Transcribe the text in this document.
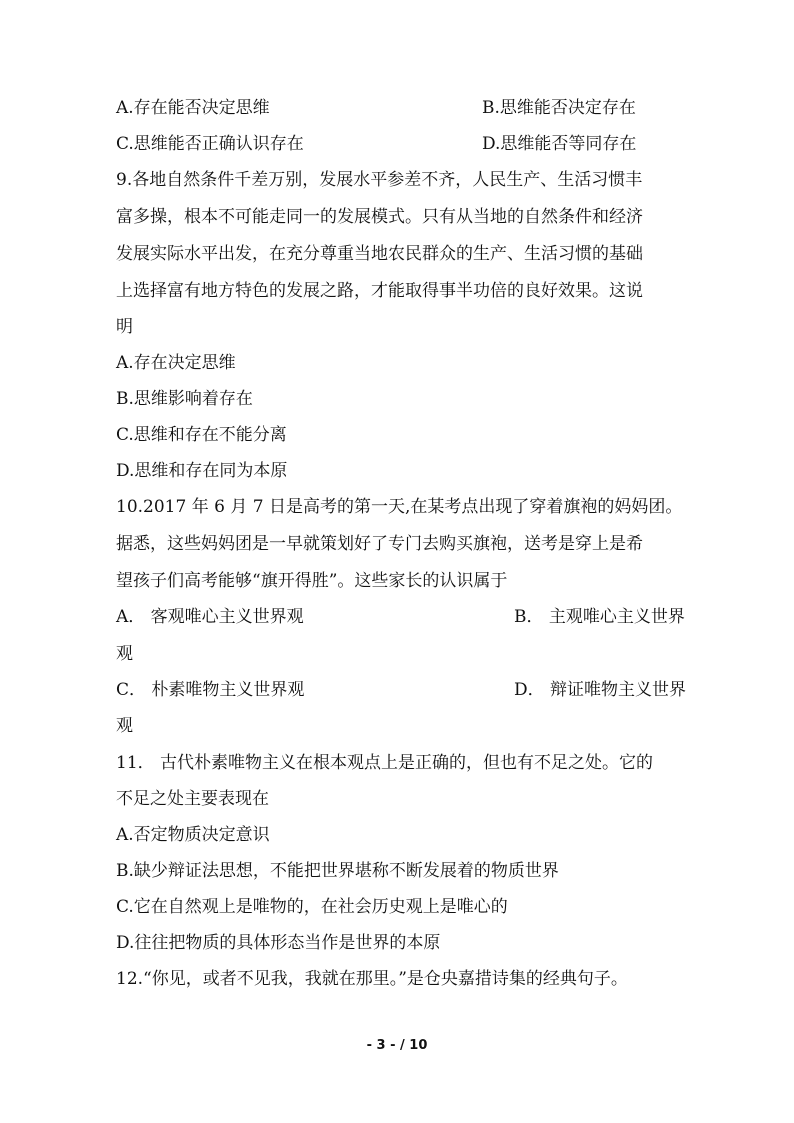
A.存在能否决定思维	B.思维能否决定存在
C.思维能否正确认识存在	D.思维能否等同存在
9.各地自然条件千差万别，发展水平参差不齐，人民生产、生活习惯丰
富多操，根本不可能走同一的发展模式。只有从当地的自然条件和经济
发展实际水平出发，在充分尊重当地农民群众的生产、生活习惯的基础
上选择富有地方特色的发展之路，才能取得事半功倍的良好效果。这说
明
A.存在决定思维
B.思维影响着存在
C.思维和存在不能分离
D.思维和存在同为本原
10.2017 年 6 月 7 日是高考的第一天,在某考点出现了穿着旗袍的妈妈团。
据悉，这些妈妈团是一早就策划好了专门去购买旗袍，送考是穿上是希
望孩子们高考能够“旗开得胜”。这些家长的认识属于
A． 客观唯心主义世界观	B． 主观唯心主义世界
观
C． 朴素唯物主义世界观	D． 辩证唯物主义世界
观
11． 古代朴素唯物主义在根本观点上是正确的，但也有不足之处。它的
不足之处主要表现在
A.否定物质决定意识
B.缺少辩证法思想，不能把世界堪称不断发展着的物质世界
C.它在自然观上是唯物的，在社会历史观上是唯心的
D.往往把物质的具体形态当作是世界的本原
12.“你见，或者不见我，我就在那里。”是仓央嘉措诗集的经典句子。
- 3 - / 10
